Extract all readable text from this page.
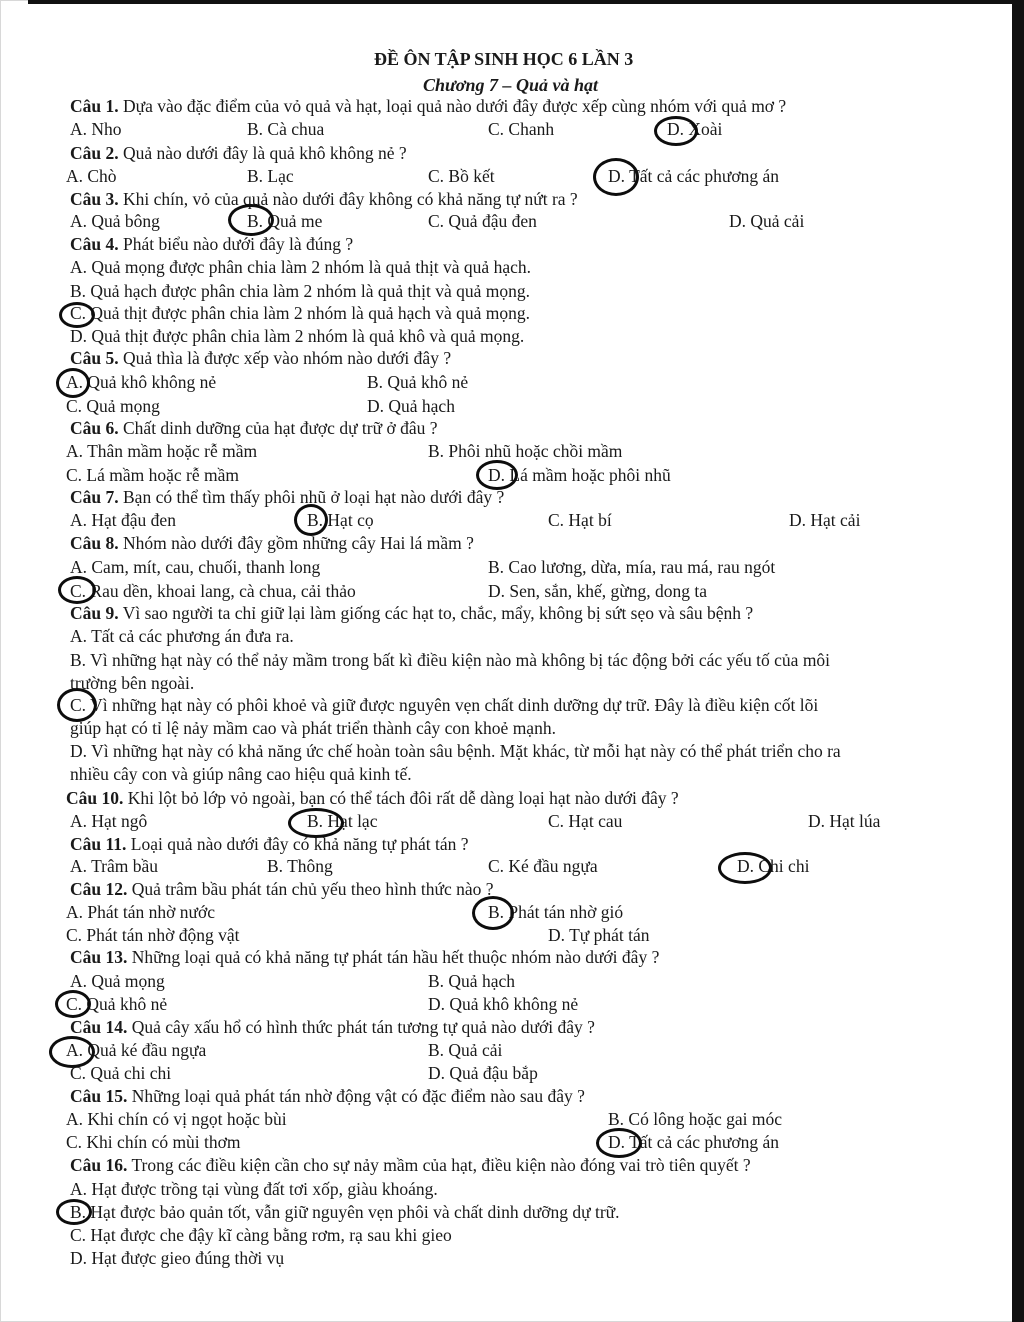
ĐỀ ÔN TẬP SINH HỌC 6 LẦN 3
Chương 7 – Quả và hạt
Câu 1. Dựa vào đặc điểm của vỏ quả và hạt, loại quả nào dưới đây được xếp cùng nhóm với quả mơ ?
A. Nho	B. Cà chua	C. Chanh	D. Xoài
Câu 2. Quả nào dưới đây là quả khô không nẻ ?
A. Chò	B. Lạc	C. Bồ kết	D. Tất cả các phương án
Câu 3. Khi chín, vỏ của quả nào dưới đây không có khả năng tự nứt ra ?
A. Quả bông	B. Quả me	C. Quả đậu đen	D. Quả cải
Câu 4. Phát biểu nào dưới đây là đúng ?
A. Quả mọng được phân chia làm 2 nhóm là quả thịt và quả hạch.
B. Quả hạch được phân chia làm 2 nhóm là quả thịt và quả mọng.
C. Quả thịt được phân chia làm 2 nhóm là quả hạch và quả mọng.
D. Quả thịt được phân chia làm 2 nhóm là quả khô và quả mọng.
Câu 5. Quả thìa là được xếp vào nhóm nào dưới đây ?
A. Quả khô không nẻ	B. Quả khô nẻ
C. Quả mọng	D. Quả hạch
Câu 6. Chất dinh dưỡng của hạt được dự trữ ở đâu ?
A. Thân mầm hoặc rễ mầm	B. Phôi nhũ hoặc chồi mầm
C. Lá mầm hoặc rễ mầm	D. Lá mầm hoặc phôi nhũ
Câu 7. Bạn có thể tìm thấy phôi nhũ ở loại hạt nào dưới đây ?
A. Hạt đậu đen	B. Hạt cọ	C. Hạt bí	D. Hạt cải
Câu 8. Nhóm nào dưới đây gồm những cây Hai lá mầm ?
A. Cam, mít, cau, chuối, thanh long	B. Cao lương, dừa, mía, rau má, rau ngót
C. Rau dền, khoai lang, cà chua, cải thảo	D. Sen, sắn, khế, gừng, dong ta
Câu 9. Vì sao người ta chỉ giữ lại làm giống các hạt to, chắc, mẩy, không bị sứt sẹo và sâu bệnh ?
A. Tất cả các phương án đưa ra.
B. Vì những hạt này có thể nảy mầm trong bất kì điều kiện nào mà không bị tác động bởi các yếu tố của môi
trường bên ngoài.
C. Vì những hạt này có phôi khoẻ và giữ được nguyên vẹn chất dinh dưỡng dự trữ. Đây là điều kiện cốt lõi
giúp hạt có tỉ lệ nảy mầm cao và phát triển thành cây con khoẻ mạnh.
D. Vì những hạt này có khả năng ức chế hoàn toàn sâu bệnh. Mặt khác, từ mỗi hạt này có thể phát triển cho ra
nhiều cây con và giúp nâng cao hiệu quả kinh tế.
Câu 10. Khi lột bỏ lớp vỏ ngoài, bạn có thể tách đôi rất dễ dàng loại hạt nào dưới đây ?
A. Hạt ngô	B. Hạt lạc	C. Hạt cau	D. Hạt lúa
Câu 11. Loại quả nào dưới đây có khả năng tự phát tán ?
A. Trâm bầu	B. Thông	C. Ké đầu ngựa	D. Chi chi
Câu 12. Quả trâm bầu phát tán chủ yếu theo hình thức nào ?
A. Phát tán nhờ nước	B. Phát tán nhờ gió
C. Phát tán nhờ động vật	D. Tự phát tán
Câu 13. Những loại quả có khả năng tự phát tán hầu hết thuộc nhóm nào dưới đây ?
A. Quả mọng	B. Quả hạch
C. Quả khô nẻ	D. Quả khô không nẻ
Câu 14. Quả cây xấu hổ có hình thức phát tán tương tự quả nào dưới đây ?
A. Quả ké đầu ngựa	B. Quả cải
C. Quả chi chi	D. Quả đậu bắp
Câu 15. Những loại quả phát tán nhờ động vật có đặc điểm nào sau đây ?
A. Khi chín có vị ngọt hoặc bùi	B. Có lông hoặc gai móc
C. Khi chín có mùi thơm	D. Tất cả các phương án
Câu 16. Trong các điều kiện cần cho sự nảy mầm của hạt, điều kiện nào đóng vai trò tiên quyết ?
A. Hạt được trồng tại vùng đất tơi xốp, giàu khoáng.
B. Hạt được bảo quản tốt, vẫn giữ nguyên vẹn phôi và chất dinh dưỡng dự trữ.
C. Hạt được che đậy kĩ càng bằng rơm, rạ sau khi gieo
D. Hạt được gieo đúng thời vụ
